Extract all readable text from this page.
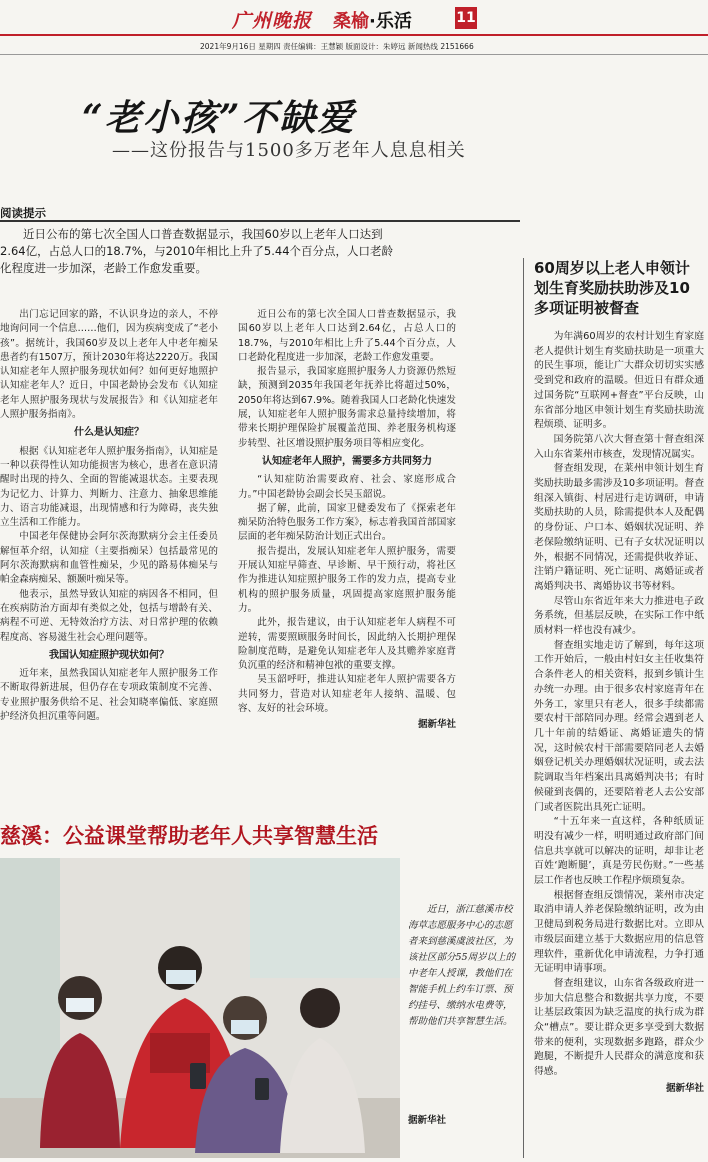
广州晚报 桑榆·乐活	11
2021年9月16日 星期四 责任编辑：王慧颖 版面设计：朱婷远 新闻热线 2151666
“老小孩”不缺爱
——这份报告与1500多万老年人息息相关
阅读提示
近日公布的第七次全国人口普查数据显示，我国60岁以上老年人口达到2.64亿，占总人口的18.7%，与2010年相比上升了5.44个百分点，人口老龄化程度进一步加深，老龄工作愈发重要。	60周岁以上老人申领计划生育奖励扶助涉及10多项证明被督查

出门忘记回家的路，不认识身边的亲人，不停地询问同一个信息……他们，因为疾病变成了“老小孩”。据统计，我国60岁及以上老年人中老年痴呆患者约有1507万，预计2030年将达2220万。我国认知症老年人照护服务现状如何？如何更好地照护认知症老年人？近日，中国老龄协会发布《认知症老年人照护服务现状与发展报告》和《认知症老年人照护服务指南》。

什么是认知症？

根据《认知症老年人照护服务指南》，认知症是一种以获得性认知功能损害为核心，患者在意识清醒时出现的持久、全面的智能减退状态。主要表现为记忆力、计算力、判断力、注意力、抽象思维能力、语言功能减退，出现情感和行为障碍，丧失独立生活和工作能力。

中国老年保健协会阿尔茨海默病分会主任委员解恒革介绍，认知症（主要指痴呆）包括最常见的阿尔茨海默病和血管性痴呆，少见的路易体痴呆与帕金森病痴呆、额颞叶痴呆等。

他表示，虽然导致认知症的病因各不相同，但在疾病防治方面却有类似之处，包括与增龄有关、病程不可逆、无特效治疗方法、对日常护理的依赖程度高、容易滋生社会心理问题等。

我国认知症照护现状如何？

近年来，虽然我国认知症老年人照护服务工作不断取得新进展，但仍存在专项政策制度不完善、专业照护服务供给不足、社会知晓率偏低、家庭照护经济负担沉重等问题。

近日公布的第七次全国人口普查数据显示，我国60岁以上老年人口达到2.64亿，占总人口的18.7%，与2010年相比上升了5.44个百分点，人口老龄化程度进一步加深，老龄工作愈发重要。

报告显示，我国家庭照护服务人力资源仍然短缺，预测到2035年我国老年抚养比将超过50%，2050年将达到67.9%。随着我国人口老龄化快速发展，认知症老年人照护服务需求总量持续增加，将带来长期护理保险扩展覆盖范围、养老服务机构逐步转型、社区增设照护服务项目等相应变化。

认知症老年人照护，需要多方共同努力

“认知症防治需要政府、社会、家庭形成合力。”中国老龄协会副会长吴玉韶说。

据了解，此前，国家卫健委发布了《探索老年痴呆防治特色服务工作方案》，标志着我国首部国家层面的老年痴呆防治计划正式出台。

报告提出，发展认知症老年人照护服务，需要开展认知症早筛查、早诊断、早干预行动，将社区作为推进认知症照护服务工作的发力点，提高专业机构的照护服务质量，巩固提高家庭照护服务能力。

此外，报告建议，由于认知症老年人病程不可逆转，需要照顾服务时间长，因此纳入长期护理保险制度范畴，是避免认知症老年人及其赡养家庭背负沉重的经济和精神包袱的重要支撑。

吴玉韶呼吁，推进认知症老年人照护需要各方共同努力，营造对认知症老年人接纳、温暖、包容、友好的社会环境。

据新华社

为年满60周岁的农村计划生育家庭老人提供计划生育奖励扶助是一项重大的民生事项，能让广大群众切切实实感受到党和政府的温暖。但近日有群众通过国务院“互联网+督查”平台反映，山东省部分地区申领计划生育奖励扶助流程烦琐、证明多。

国务院第八次大督查第十督查组深入山东省莱州市核查，发现情况属实。

督查组发现，在莱州申领计划生育奖励扶助最多需涉及10多项证明。督查组深入镇街、村居进行走访调研，申请奖励扶助的人员，除需提供本人及配偶的身份证、户口本、婚姻状况证明、养老保险缴纳证明、已有子女状况证明以外，根据不同情况，还需提供收养证、注销户籍证明、死亡证明、离婚证或者离婚判决书、离婚协议书等材料。

尽管山东省近年来大力推进电子政务系统，但基层反映，在实际工作中纸质材料一样也没有减少。

督查组实地走访了解到，每年这项工作开始后，一般由村妇女主任收集符合条件老人的相关资料，报到乡镇计生办统一办理。由于很多农村家庭青年在外务工，家里只有老人，很多手续都需要农村干部陪同办理。经常会遇到老人几十年前的结婚证、离婚证遗失的情况，这时候农村干部需要陪同老人去婚姻登记机关办理婚姻状况证明，或去法院调取当年档案出具离婚判决书；有时候碰到丧偶的，还要陪着老人去公安部门或者医院出具死亡证明。

“十五年来一直这样，各种纸质证明没有减少一样，明明通过政府部门间信息共享就可以解决的证明，却非让老百姓‘跑断腿’，真是劳民伤财。”一些基层工作者也反映工作程序烦琐复杂。

根据督查组反馈情况，莱州市决定取消申请人养老保险缴纳证明，改为由卫健局到税务局进行数据比对。立即从市级层面建立基于大数据应用的信息管理软件，重新优化申请流程，力争打通无证明申请事项。

督查组建议，山东省各级政府进一步加大信息整合和数据共享力度，不要让基层政策因为缺乏温度的执行成为群众“槽点”。要让群众更多享受到大数据带来的便利，实现数据多跑路，群众少跑腿，不断提升人民群众的满意度和获得感。

据新华社

慈溪：公益课堂帮助老年人共享智慧生活
近日，浙江慈溪市校海草志愿服务中心的志愿者来到慈溪虞波社区，为该社区部分55周岁以上的中老年人授课，教他们在智能手机上约车订票、预约挂号、缴纳水电费等，帮助他们共享智慧生活。
据新华社
